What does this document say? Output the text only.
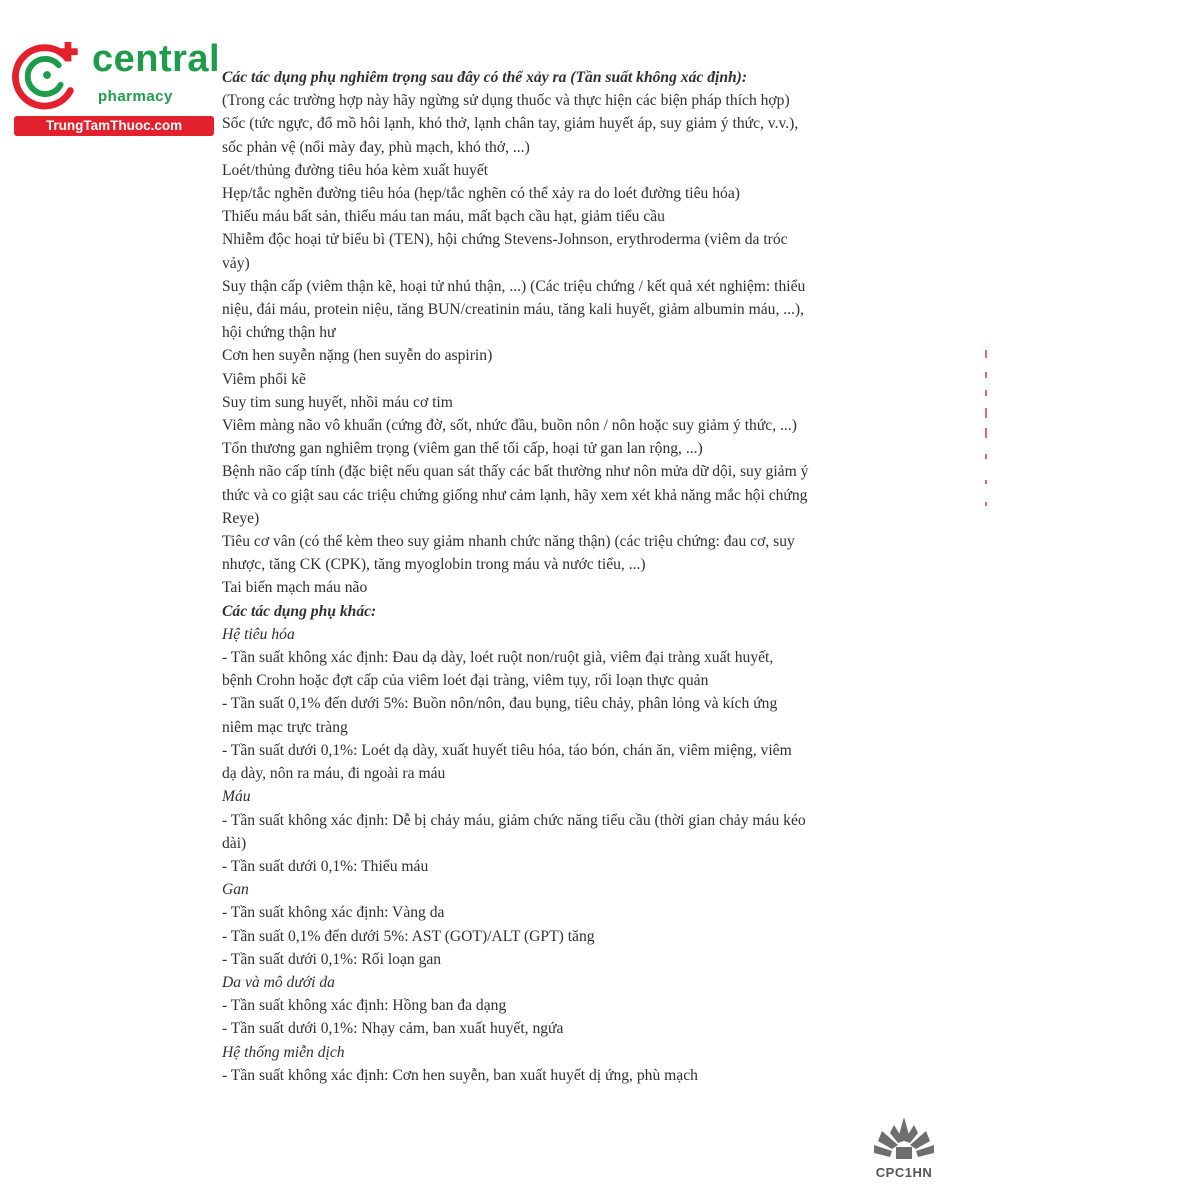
central
pharmacy
TrungTamThuoc.com
Các tác dụng phụ nghiêm trọng sau đây có thể xảy ra (Tần suất không xác định):
(Trong các trường hợp này hãy ngừng sử dụng thuốc và thực hiện các biện pháp thích hợp)
Sốc (tức ngực, đổ mồ hôi lạnh, khó thở, lạnh chân tay, giảm huyết áp, suy giảm ý thức, v.v.),
sốc phản vệ (nổi mày đay, phù mạch, khó thở, ...)
Loét/thủng đường tiêu hóa kèm xuất huyết
Hẹp/tắc nghẽn đường tiêu hóa (hẹp/tắc nghẽn có thể xảy ra do loét đường tiêu hóa)
Thiếu máu bất sản, thiếu máu tan máu, mất bạch cầu hạt, giảm tiểu cầu
Nhiễm độc hoại tử biểu bì (TEN), hội chứng Stevens-Johnson, erythroderma (viêm da tróc
vảy)
Suy thận cấp (viêm thận kẽ, hoại tử nhú thận, ...) (Các triệu chứng / kết quả xét nghiệm: thiểu
niệu, đái máu, protein niệu, tăng BUN/creatinin máu, tăng kali huyết, giảm albumin máu, ...),
hội chứng thận hư
Cơn hen suyễn nặng (hen suyễn do aspirin)
Viêm phổi kẽ
Suy tim sung huyết, nhồi máu cơ tim
Viêm màng não vô khuẩn (cứng đờ, sốt, nhức đầu, buồn nôn / nôn hoặc suy giảm ý thức, ...)
Tổn thương gan nghiêm trọng (viêm gan thể tối cấp, hoại tử gan lan rộng, ...)
Bệnh não cấp tính (đặc biệt nếu quan sát thấy các bất thường như nôn mửa dữ dội, suy giảm ý
thức và co giật sau các triệu chứng giống như cảm lạnh, hãy xem xét khả năng mắc hội chứng
Reye)
Tiêu cơ vân (có thể kèm theo suy giảm nhanh chức năng thận) (các triệu chứng: đau cơ, suy
nhược, tăng CK (CPK), tăng myoglobin trong máu và nước tiểu, ...)
Tai biến mạch máu não
Các tác dụng phụ khác:
Hệ tiêu hóa
- Tần suất không xác định: Đau dạ dày, loét ruột non/ruột già, viêm đại tràng xuất huyết,
bệnh Crohn hoặc đợt cấp của viêm loét đại tràng, viêm tụy, rối loạn thực quản
- Tần suất 0,1% đến dưới 5%: Buồn nôn/nôn, đau bụng, tiêu chảy, phân lỏng và kích ứng
niêm mạc trực tràng
- Tần suất dưới 0,1%: Loét dạ dày, xuất huyết tiêu hóa, táo bón, chán ăn, viêm miệng, viêm
dạ dày, nôn ra máu, đi ngoài ra máu
Máu
- Tần suất không xác định: Dễ bị chảy máu, giảm chức năng tiểu cầu (thời gian chảy máu kéo
dài)
- Tần suất dưới 0,1%: Thiếu máu
Gan
- Tần suất không xác định: Vàng da
- Tần suất 0,1% đến dưới 5%: AST (GOT)/ALT (GPT) tăng
- Tần suất dưới 0,1%: Rối loạn gan
Da và mô dưới da
- Tần suất không xác định: Hồng ban đa dạng
- Tần suất dưới 0,1%: Nhạy cảm, ban xuất huyết, ngứa
Hệ thống miễn dịch
- Tần suất không xác định: Cơn hen suyễn, ban xuất huyết dị ứng, phù mạch
CPC1HN
